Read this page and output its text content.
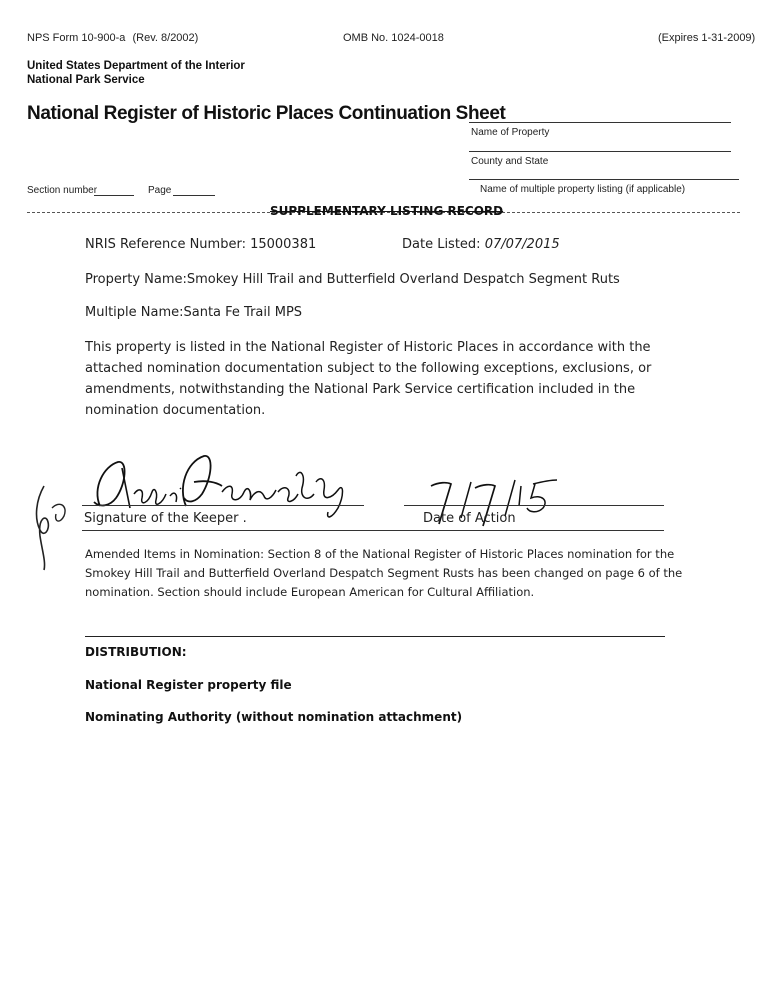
NPS Form 10-900-a (Rev. 8/2002)	OMB No. 1024-0018	(Expires 1-31-2009)
United States Department of the Interior
National Park Service
National Register of Historic Places Continuation Sheet
Name of Property
County and State
Name of multiple property listing (if applicable)
Section number	Page
SUPPLEMENTARY LISTING RECORD
NRIS Reference Number: 15000381	Date Listed: 07/07/2015
Property Name:Smokey Hill Trail and Butterfield Overland Despatch Segment Ruts
Multiple Name:Santa Fe Trail MPS
This property is listed in the National Register of Historic Places in accordance with the attached nomination documentation subject to the following exceptions, exclusions, or amendments, notwithstanding the National Park Service certification included in the nomination documentation.
Signature of the Keeper .	Date of Action
Amended Items in Nomination: Section 8 of the National Register of Historic Places nomination for the Smokey Hill Trail and Butterfield Overland Despatch Segment Rusts has been changed on page 6 of the nomination. Section should include European American for Cultural Affiliation.
DISTRIBUTION:
National Register property file
Nominating Authority (without nomination attachment)
